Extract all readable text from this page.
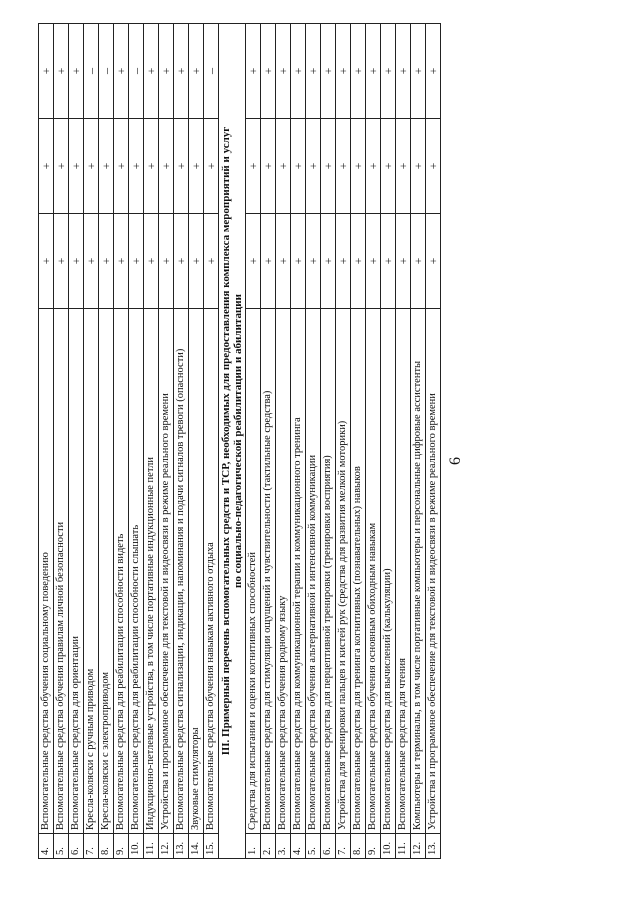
6
4.	Вспомогательные средства обучения социальному поведению	+	+	+
5.	Вспомогательные средства обучения правилам личной безопасности	+	+	+
6.	Вспомогательные средства для ориентации	+	+	+
7.	Кресла-коляски с ручным приводом	+	+	–
8.	Кресла-коляски с электроприводом	+	+	–
9.	Вспомогательные средства для реабилитации способности видеть	+	+	+
10.	Вспомогательные средства для реабилитации способности слышать	+	+	–
11.	Индукционно-петлевые устройства, в том числе портативные индукционные петли	+	+	+
12.	Устройства и программное обеспечение для текстовой и видеосвязи в режиме реального времени	+	+	+
13.	Вспомогательные средства сигнализации, индикации, напоминания и подачи сигналов тревоги (опасности)	+	+	+
14.	Звуковые стимуляторы	+	+	+
15.	Вспомогательные средства обучения навыкам активного отдыха	+	+	–

III. Примерный перечень вспомогательных средств и ТСР, необходимых для предоставления комплекса мероприятий и услуг по социально-педагогической реабилитации и абилитации				

1.	Средства для испытания и оценки когнитивных способностей	+	+	+
2.	Вспомогательные средства для стимуляции ощущений и чувствительности (тактильные средства)	+	+	+
3.	Вспомогательные средства обучения родному языку	+	+	+
4.	Вспомогательные средства для коммуникационной терапии и коммуникационного тренинга	+	+	+
5.	Вспомогательные средства обучения альтернативной и интенсивной коммуникации	+	+	+
6.	Вспомогательные средства для перцептивной тренировки (тренировки восприятия)	+	+	+
7.	Устройства для тренировки пальцев и кистей рук (средства для развития мелкой моторики)	+	+	+
8.	Вспомогательные средства для тренинга когнитивных (познавательных) навыков	+	+	+
9.	Вспомогательные средства обучения основным обиходным навыкам	+	+	+
10.	Вспомогательные средства для вычислений (калькуляции)	+	+	+
11.	Вспомогательные средства для чтения	+	+	+
12.	Компьютеры и терминалы, в том числе портативные компьютеры и персональные цифровые ассистенты	+	+	+
13.	Устройства и программное обеспечение для текстовой и видеосвязи в режиме реального времени	+	+	+
